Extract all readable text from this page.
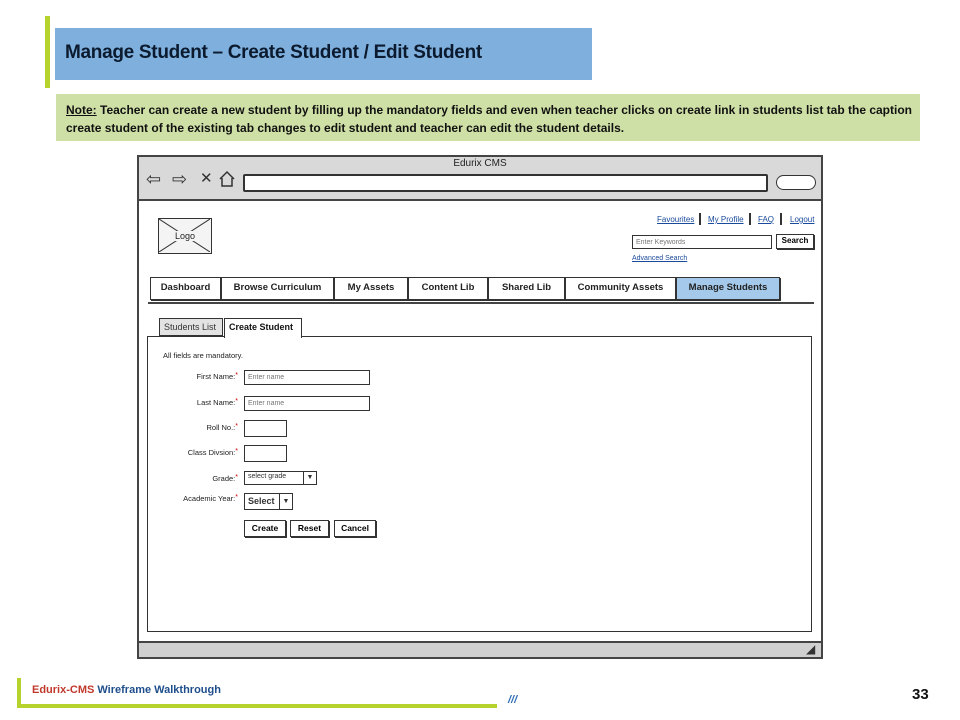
Manage Student – Create Student / Edit Student
Note: Teacher can create a new student by filling up the mandatory fields and even when teacher clicks on create link in students list tab the caption create student of the existing tab changes to edit student and teacher can edit the student details.
Edurix CMS
⇦ ⇨ ✕
◢
Logo
Favourites My Profile FAQ Logout
Enter Keywords
Search
Advanced Search
Dashboard	Browse Curriculum	My Assets	Content Lib	Shared Lib	Community Assets	Manage Students
Students List	Create Student
All fields are mandatory.
First Name:*
Enter name
Last Name:*
Enter name
Roll No.:*
Class Divsion:*
Grade:*	select grade	▼
Academic Year:*	Select	▼
Create	Reset	Cancel
Edurix-CMS Wireframe Walkthrough
///	33
